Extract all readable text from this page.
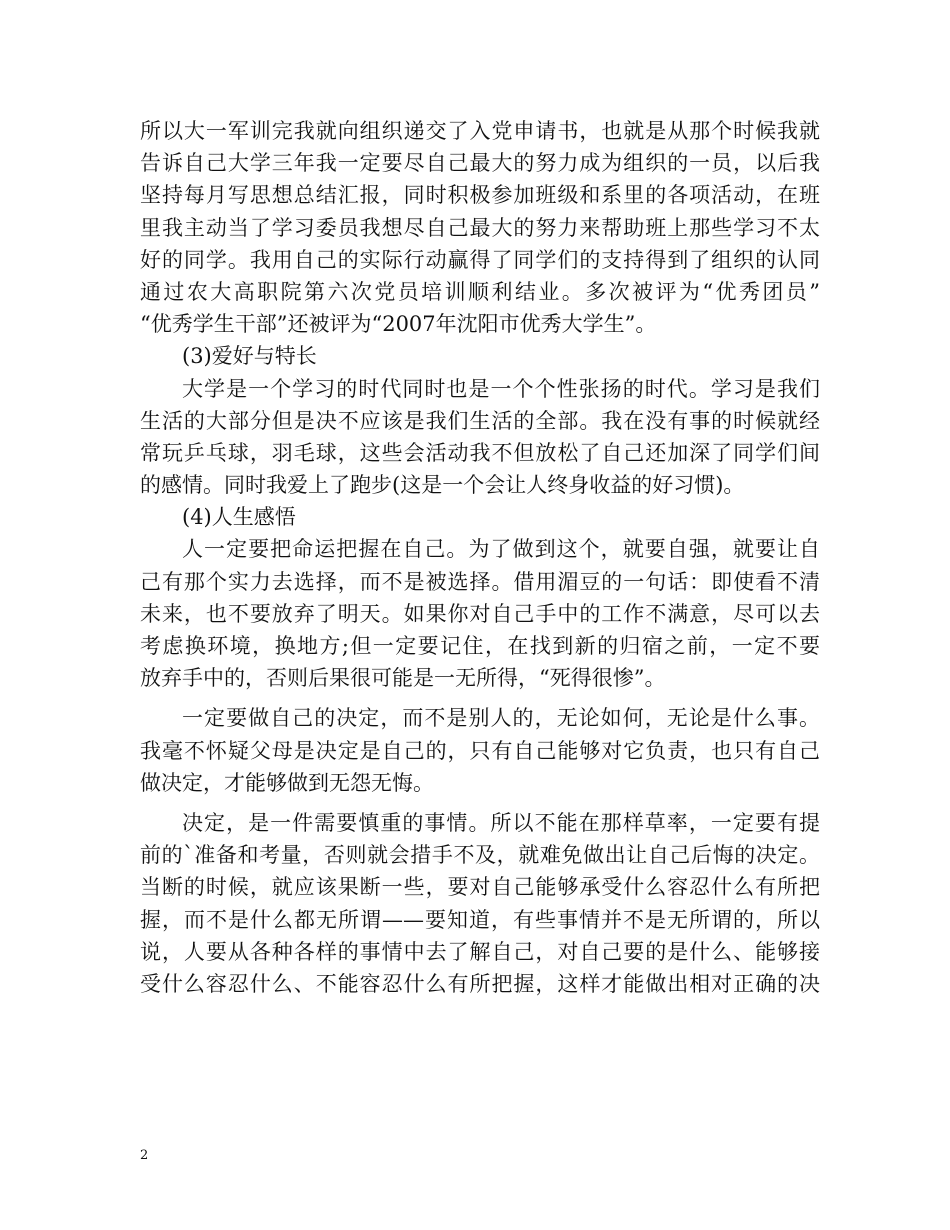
所以大一军训完我就向组织递交了入党申请书，也就是从那个时候我就
告诉自己大学三年我一定要尽自己最大的努力成为组织的一员，以后我
坚持每月写思想总结汇报，同时积极参加班级和系里的各项活动，在班
里我主动当了学习委员我想尽自己最大的努力来帮助班上那些学习不太
好的同学。我用自己的实际行动赢得了同学们的支持得到了组织的认同
通过农大高职院第六次党员培训顺利结业。多次被评为“优秀团员”
“优秀学生干部”还被评为“2007年沈阳市优秀大学生”。
(3)爱好与特长
大学是一个学习的时代同时也是一个个性张扬的时代。学习是我们
生活的大部分但是决不应该是我们生活的全部。我在没有事的时候就经
常玩乒乓球，羽毛球，这些会活动我不但放松了自己还加深了同学们间
的感情。同时我爱上了跑步(这是一个会让人终身收益的好习惯)。
(4)人生感悟
人一定要把命运把握在自己。为了做到这个，就要自强，就要让自
己有那个实力去选择，而不是被选择。借用湄豆的一句话：即使看不清
未来，也不要放弃了明天。如果你对自己手中的工作不满意，尽可以去
考虑换环境，换地方;但一定要记住，在找到新的归宿之前，一定不要
放弃手中的，否则后果很可能是一无所得，“死得很惨”。
一定要做自己的决定，而不是别人的，无论如何，无论是什么事。
我毫不怀疑父母是决定是自己的，只有自己能够对它负责，也只有自己
做决定，才能够做到无怨无悔。
决定，是一件需要慎重的事情。所以不能在那样草率，一定要有提
前的`准备和考量，否则就会措手不及，就难免做出让自己后悔的决定。
当断的时候，就应该果断一些，要对自己能够承受什么容忍什么有所把
握，而不是什么都无所谓——要知道，有些事情并不是无所谓的，所以
说，人要从各种各样的事情中去了解自己，对自己要的是什么、能够接
受什么容忍什么、不能容忍什么有所把握，这样才能做出相对正确的决
2
